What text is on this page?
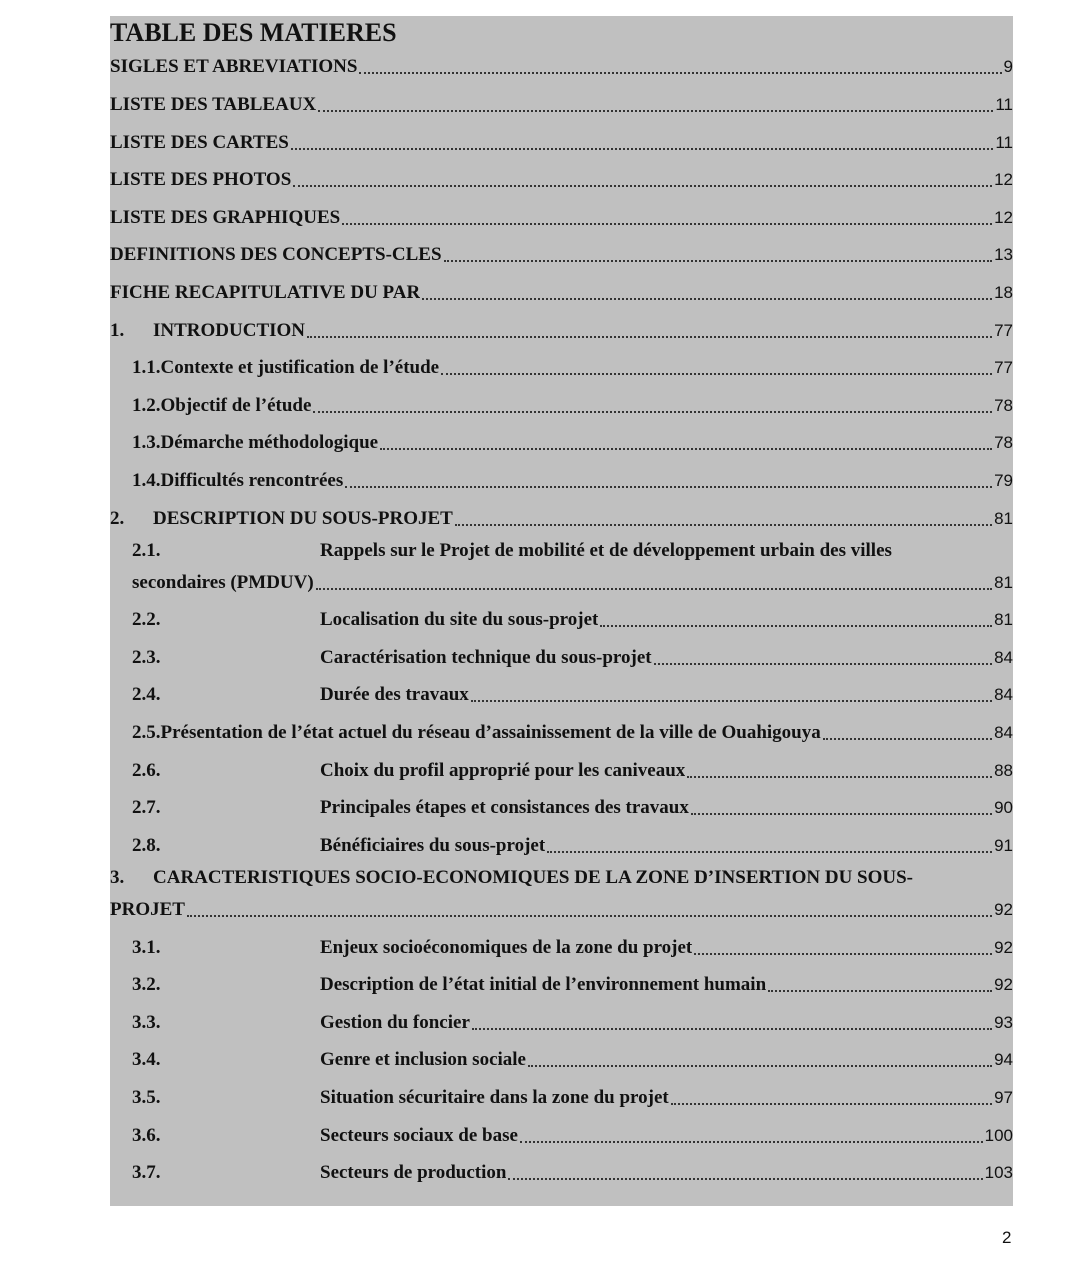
TABLE DES MATIERES
SIGLES ET ABREVIATIONS	9
LISTE DES TABLEAUX	11
LISTE DES CARTES	11
LISTE DES PHOTOS	12
LISTE DES GRAPHIQUES	12
DEFINITIONS DES CONCEPTS-CLES	13
FICHE RECAPITULATIVE DU PAR	18
1.	INTRODUCTION	77
1.1.Contexte et justification de l’étude	77
1.2.Objectif de l’étude	78
1.3.Démarche méthodologique	78
1.4.Difficultés rencontrées	79
2.	DESCRIPTION DU SOUS-PROJET	81
2.1.	Rappels sur le Projet de mobilité et de développement urbain des villes
secondaires (PMDUV)	81
2.2.	Localisation du site du sous-projet	81
2.3.	Caractérisation technique du sous-projet	84
2.4.	Durée des travaux	84
2.5.Présentation de l’état actuel du réseau d’assainissement de la ville de Ouahigouya	84
2.6.	Choix du profil approprié pour les caniveaux	88
2.7.	Principales étapes et consistances des travaux	90
2.8.	Bénéficiaires du sous-projet	91
3. CARACTERISTIQUES SOCIO-ECONOMIQUES DE LA ZONE D’INSERTION DU SOUS-
PROJET	92
3.1.	Enjeux socioéconomiques de la zone du projet	92
3.2.	Description de l’état initial de l’environnement humain	92
3.3.	Gestion du foncier	93
3.4.	Genre et inclusion sociale	94
3.5.	Situation sécuritaire dans la zone du projet	97
3.6.	Secteurs sociaux de base	100
3.7.	Secteurs de production	103
2
